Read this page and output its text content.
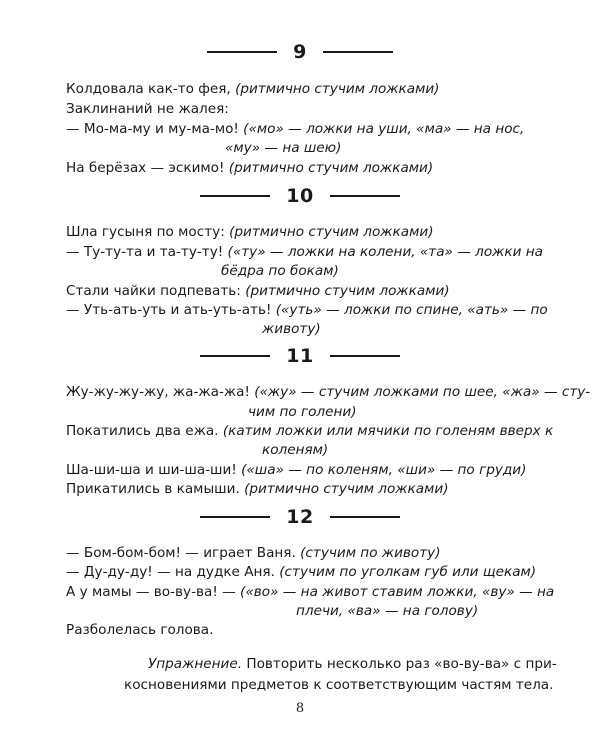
9
Колдовала как-то фея, (ритмично стучим ложками)
Заклинаний не жалея:
— Мо-ма-му и му-ма-мо! («мо» — ложки на уши, «ма» — на нос,
«му» — на шею)
На берёзах — эскимо! (ритмично стучим ложками)
10
Шла гусыня по мосту: (ритмично стучим ложками)
— Ту-ту-та и та-ту-ту! («ту» — ложки на колени, «та» — ложки на
бёдра по бокам)
Стали чайки подпевать: (ритмично стучим ложками)
— Уть-ать-уть и ать-уть-ать! («уть» — ложки по спине, «ать» — по
животу)
11
Жу-жу-жу-жу, жа-жа-жа! («жу» — стучим ложками по шее, «жа» — сту-
чим по голени)
Покатились два ежа. (катим ложки или мячики по голеням вверх к
коленям)
Ша-ши-ша и ши-ша-ши! («ша» — по коленям, «ши» — по груди)
Прикатились в камыши. (ритмично стучим ложками)
12
— Бом-бом-бом! — играет Ваня. (стучим по животу)
— Ду-ду-ду! — на дудке Аня. (стучим по уголкам губ или щекам)
А у мамы — во-ву-ва! — («во» — на живот ставим ложки, «ву» — на
плечи, «ва» — на голову)
Разболелась голова.
Упражнение. Повторить несколько раз «во-ву-ва» с при-
косновениями предметов к соответствующим частям тела.
8
